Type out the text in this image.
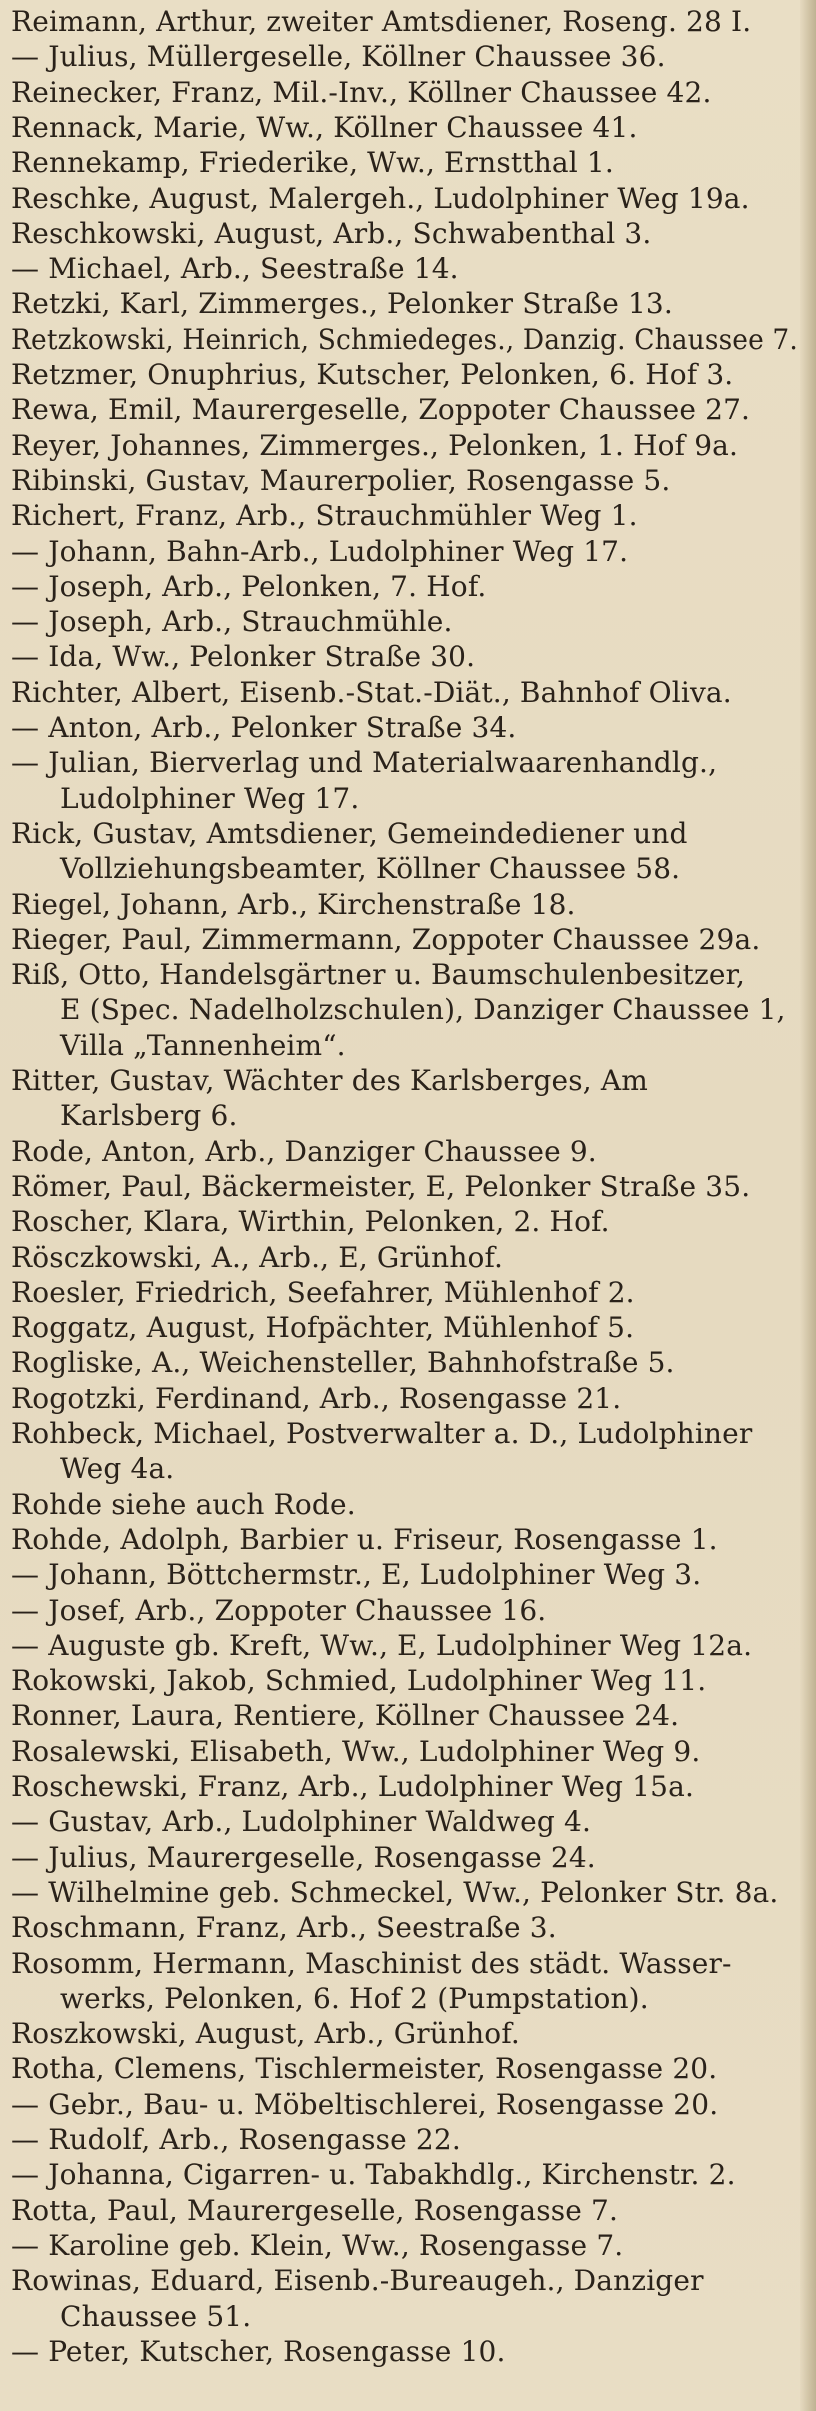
Reimann, Arthur, zweiter Amtsdiener, Roseng. 28 I.
— Julius, Müllergeselle, Köllner Chaussee 36.
Reinecker, Franz, Mil.-Inv., Köllner Chaussee 42.
Rennack, Marie, Ww., Köllner Chaussee 41.
Rennekamp, Friederike, Ww., Ernstthal 1.
Reschke, August, Malergeh., Ludolphiner Weg 19a.
Reschkowski, August, Arb., Schwabenthal 3.
— Michael, Arb., Seestraße 14.
Retzki, Karl, Zimmerges., Pelonker Straße 13.
Retzkowski, Heinrich, Schmiedeges., Danzig. Chaussee 7.
Retzmer, Onuphrius, Kutscher, Pelonken, 6. Hof 3.
Rewa, Emil, Maurergeselle, Zoppoter Chaussee 27.
Reyer, Johannes, Zimmerges., Pelonken, 1. Hof 9a.
Ribinski, Gustav, Maurerpolier, Rosengasse 5.
Richert, Franz, Arb., Strauchmühler Weg 1.
— Johann, Bahn-Arb., Ludolphiner Weg 17.
— Joseph, Arb., Pelonken, 7. Hof.
— Joseph, Arb., Strauchmühle.
— Ida, Ww., Pelonker Straße 30.
Richter, Albert, Eisenb.-Stat.-Diät., Bahnhof Oliva.
— Anton, Arb., Pelonker Straße 34.
— Julian, Bierverlag und Materialwaarenhandlg.,
Ludolphiner Weg 17.
Rick, Gustav, Amtsdiener, Gemeindediener und
Vollziehungsbeamter, Köllner Chaussee 58.
Riegel, Johann, Arb., Kirchenstraße 18.
Rieger, Paul, Zimmermann, Zoppoter Chaussee 29a.
Riß, Otto, Handelsgärtner u. Baumschulenbesitzer,
E (Spec. Nadelholzschulen), Danziger Chaussee 1,
Villa „Tannenheim“.
Ritter, Gustav, Wächter des Karlsberges, Am
Karlsberg 6.
Rode, Anton, Arb., Danziger Chaussee 9.
Römer, Paul, Bäckermeister, E, Pelonker Straße 35.
Roscher, Klara, Wirthin, Pelonken, 2. Hof.
Rösczkowski, A., Arb., E, Grünhof.
Roesler, Friedrich, Seefahrer, Mühlenhof 2.
Roggatz, August, Hofpächter, Mühlenhof 5.
Rogliske, A., Weichensteller, Bahnhofstraße 5.
Rogotzki, Ferdinand, Arb., Rosengasse 21.
Rohbeck, Michael, Postverwalter a. D., Ludolphiner
Weg 4a.
Rohde siehe auch Rode.
Rohde, Adolph, Barbier u. Friseur, Rosengasse 1.
— Johann, Böttchermstr., E, Ludolphiner Weg 3.
— Josef, Arb., Zoppoter Chaussee 16.
— Auguste gb. Kreft, Ww., E, Ludolphiner Weg 12a.
Rokowski, Jakob, Schmied, Ludolphiner Weg 11.
Ronner, Laura, Rentiere, Köllner Chaussee 24.
Rosalewski, Elisabeth, Ww., Ludolphiner Weg 9.
Roschewski, Franz, Arb., Ludolphiner Weg 15a.
— Gustav, Arb., Ludolphiner Waldweg 4.
— Julius, Maurergeselle, Rosengasse 24.
— Wilhelmine geb. Schmeckel, Ww., Pelonker Str. 8a.
Roschmann, Franz, Arb., Seestraße 3.
Rosomm, Hermann, Maschinist des städt. Wasser-
werks, Pelonken, 6. Hof 2 (Pumpstation).
Roszkowski, August, Arb., Grünhof.
Rotha, Clemens, Tischlermeister, Rosengasse 20.
— Gebr., Bau- u. Möbeltischlerei, Rosengasse 20.
— Rudolf, Arb., Rosengasse 22.
— Johanna, Cigarren- u. Tabakhdlg., Kirchenstr. 2.
Rotta, Paul, Maurergeselle, Rosengasse 7.
— Karoline geb. Klein, Ww., Rosengasse 7.
Rowinas, Eduard, Eisenb.-Bureaugeh., Danziger
Chaussee 51.
— Peter, Kutscher, Rosengasse 10.
